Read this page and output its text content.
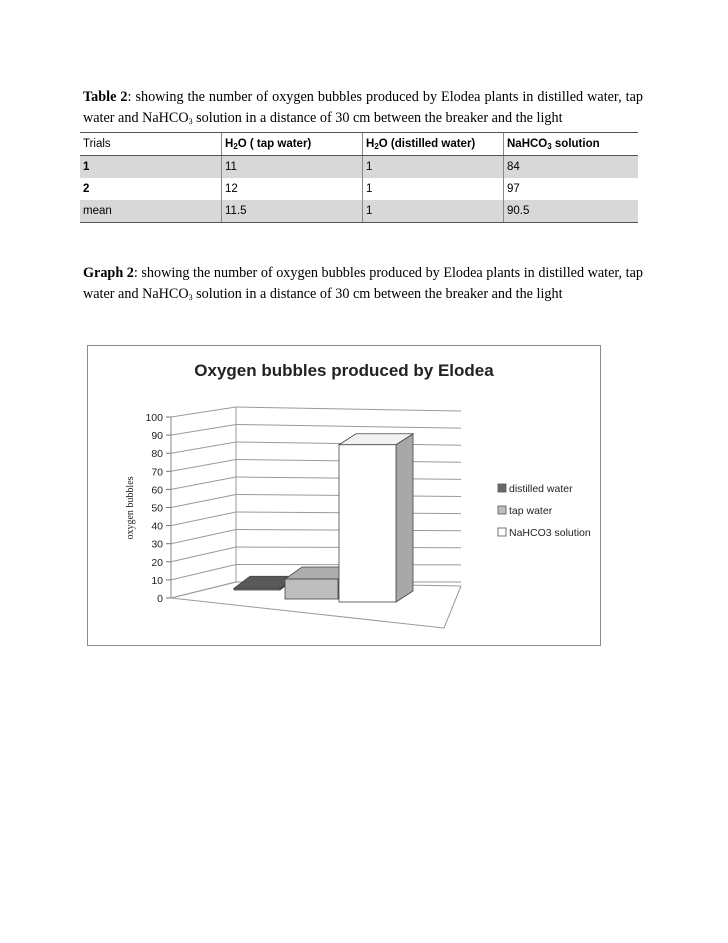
Table 2: showing the number of oxygen bubbles produced by Elodea plants in distilled water, tap water and NaHCO$_3$ solution in a distance of 30 cm between the breaker and the light
Trials	$H_2O$ ( tap water)	$H_2O$ (distilled water)	NaHCO$_3$ solution
1	11	1	84
2	12	1	97
mean	11.5	1	90.5
Graph 2: showing the number of oxygen bubbles produced by Elodea plants in distilled water, tap water and NaHCO$_3$ solution in a distance of 30 cm between the breaker and the light
Oxygen bubbles produced by Elodea
oxygen bubbles
0
10
20
30
40
50
60
70
80
90
100
distilled water
tap water
NaHCO3 solution
